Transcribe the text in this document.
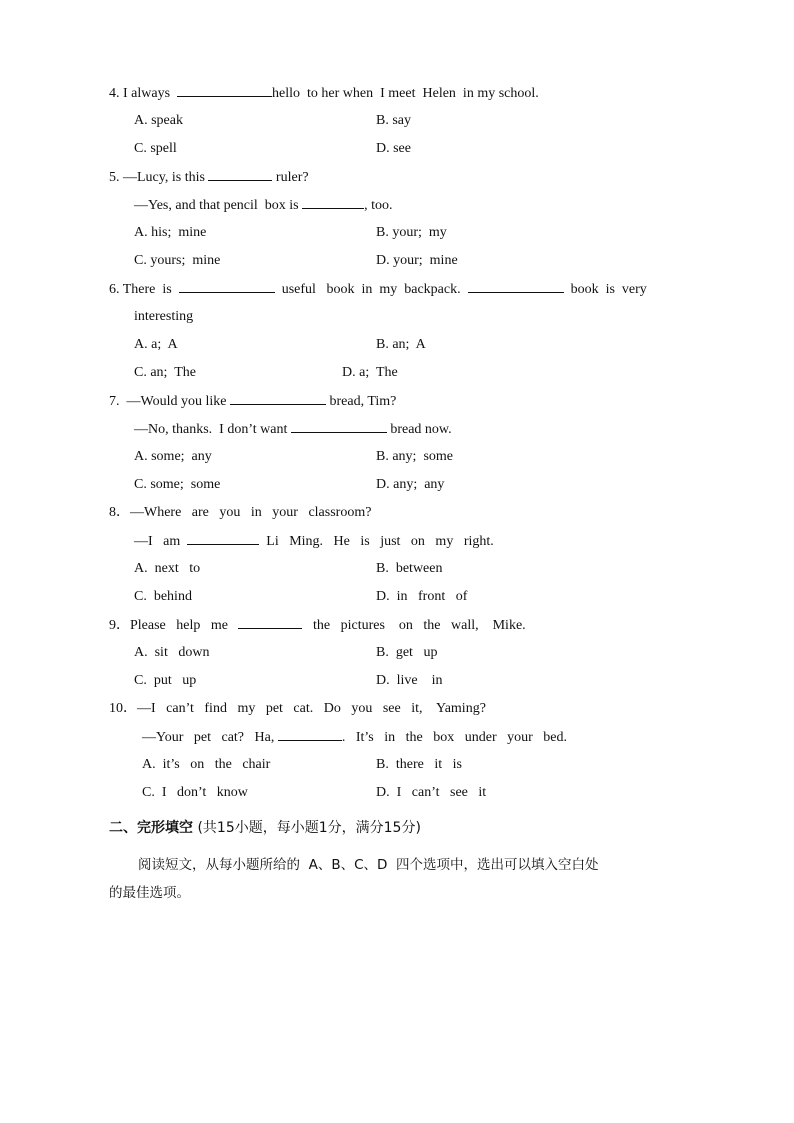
4. I always	hello  to her when  I meet  Helen  in my school.
A. speak	B. say
C. spell	D. see
5. —Lucy, is this	ruler?
—Yes, and that pencil  box is	, too.
A. his;  mine	B. your;  my
C. yours;  mine	D. your;  mine
6. There  is	useful   book  in  my  backpack.	book  is  very
interesting
A. a;  A	B. an;  A
C. an;  The	D. a;  The
7. —Would you like	bread, Tim?
—No, thanks.  I don’t want	bread now.
A. some;  any	B. any;  some
C. some;  some	D. any;  any
8．—Where   are   you   in   your   classroom?
—I   am	Li   Ming.   He   is   just   on   my   right.
A.  next   to	B.  between
C.  behind	D.  in   front   of
9．Please   help   me	the   pictures    on   the   wall,    Mike.
A.  sit   down	B.  get   up
C.  put   up	D.  live    in
10．—I   can’t   find   my   pet   cat.   Do   you   see   it,    Yaming?
—Your   pet   cat?   Ha,	.   It’s   in   the   box   under   your   bed.
A.  it’s   on   the   chair	B.  there   it   is
C.  I   don’t   know	D.  I   can’t   see   it
二、完形填空 (共15小题，每小题1分，满分15分)
阅读短文，从每小题所给的  A、B、C、D  四个选项中，选出可以填入空白处
的最佳选项。
